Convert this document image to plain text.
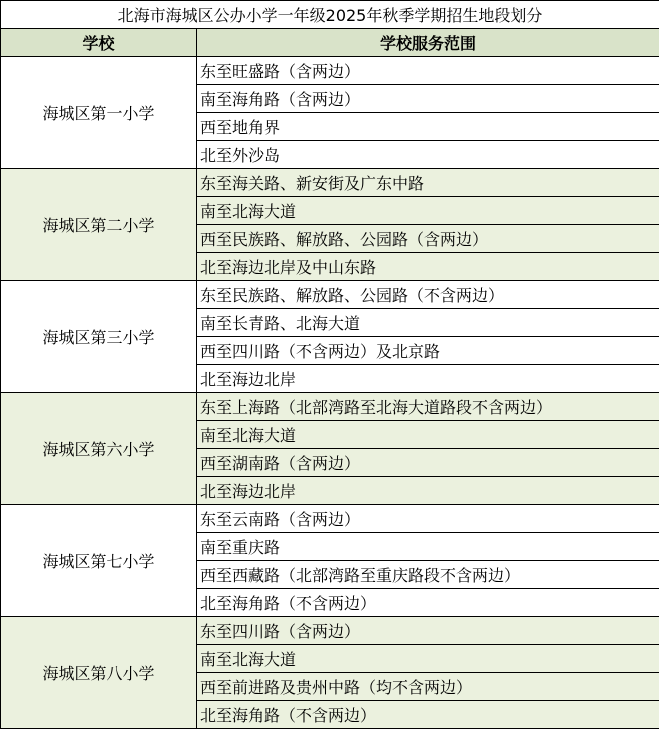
北海市海城区公办小学一年级2025年秋季学期招生地段划分	
学校	学校服务范围
海城区第一小学	东至旺盛路（含两边）
	南至海角路（含两边）
	西至地角界
	北至外沙岛
海城区第二小学	东至海关路、新安街及广东中路
	南至北海大道
	西至民族路、解放路、公园路（含两边）
	北至海边北岸及中山东路
海城区第三小学	东至民族路、解放路、公园路（不含两边）
	南至长青路、北海大道
	西至四川路（不含两边）及北京路
	北至海边北岸
海城区第六小学	东至上海路（北部湾路至北海大道路段不含两边）
	南至北海大道
	西至湖南路（含两边）
	北至海边北岸
海城区第七小学	东至云南路（含两边）
	南至重庆路
	西至西藏路（北部湾路至重庆路段不含两边）
	北至海角路（不含两边）
海城区第八小学	东至四川路（含两边）
	南至北海大道
	西至前进路及贵州中路（均不含两边）
	北至海角路（不含两边）
